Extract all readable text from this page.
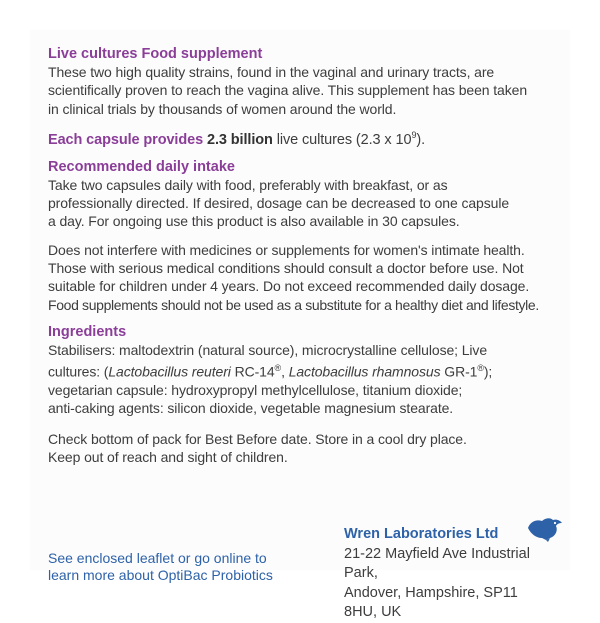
Live cultures Food supplement

These two high quality strains, found in the vaginal and urinary tracts, are

scientifically proven to reach the vagina alive. This supplement has been taken

in clinical trials by thousands of women around the world.

Each capsule provides 2.3 billion live cultures (2.3 x $10^9$).

Recommended daily intake

Take two capsules daily with food, preferably with breakfast, or as

professionally directed. If desired, dosage can be decreased to one capsule

a day. For ongoing use this product is also available in 30 capsules.

Does not interfere with medicines or supplements for women's intimate health.

Those with serious medical conditions should consult a doctor before use. Not

suitable for children under 4 years. Do not exceed recommended daily dosage.

Food supplements should not be used as a substitute for a healthy diet and lifestyle.

Ingredients

Stabilisers: maltodextrin (natural source), microcrystalline cellulose; Live

cultures: (Lactobacillus reuteri RC-14®, Lactobacillus rhamnosus GR-1®);

vegetarian capsule: hydroxypropyl methylcellulose, titanium dioxide;

anti-caking agents: silicon dioxide, vegetable magnesium stearate.

Check bottom of pack for Best Before date. Store in a cool dry place.

Keep out of reach and sight of children.

See enclosed leaflet or go online to
learn more about OptiBac Probiotics
Wren Laboratories Ltd
21-22 Mayfield Ave Industrial Park,
Andover, Hampshire, SP11 8HU, UK
